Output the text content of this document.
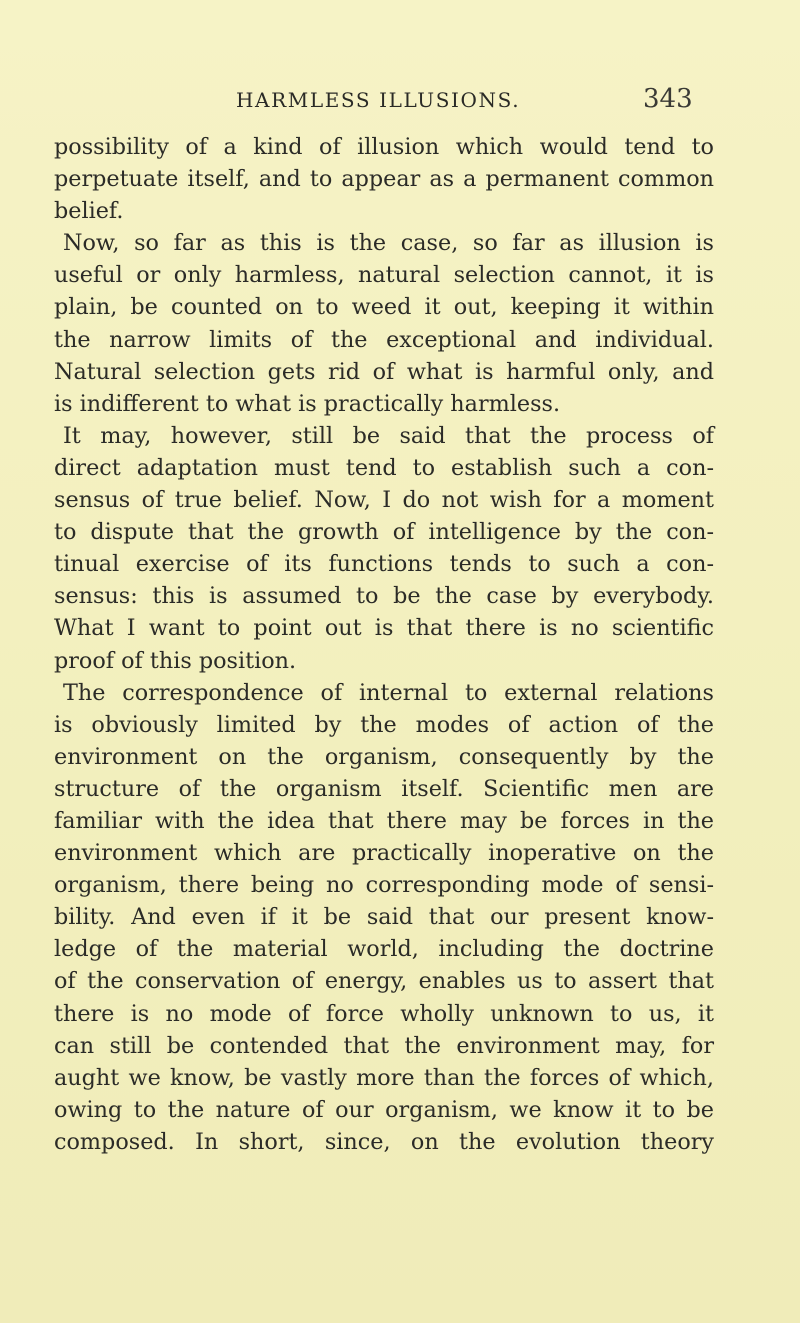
HARMLESS ILLUSIONS.	343
possibility of a kind of illusion which would tend to
perpetuate itself, and to appear as a permanent common
belief.
Now, so far as this is the case, so far as illusion is
useful or only harmless, natural selection cannot, it is
plain, be counted on to weed it out, keeping it within
the narrow limits of the exceptional and individual.
Natural selection gets rid of what is harmful only, and
is indifferent to what is practically harmless.
It may, however, still be said that the process of
direct adaptation must tend to establish such a con-
sensus of true belief. Now, I do not wish for a moment
to dispute that the growth of intelligence by the con-
tinual exercise of its functions tends to such a con-
sensus: this is assumed to be the case by everybody.
What I want to point out is that there is no scientific
proof of this position.
The correspondence of internal to external relations
is obviously limited by the modes of action of the
environment on the organism, consequently by the
structure of the organism itself. Scientific men are
familiar with the idea that there may be forces in the
environment which are practically inoperative on the
organism, there being no corresponding mode of sensi-
bility. And even if it be said that our present know-
ledge of the material world, including the doctrine
of the conservation of energy, enables us to assert that
there is no mode of force wholly unknown to us, it
can still be contended that the environment may, for
aught we know, be vastly more than the forces of which,
owing to the nature of our organism, we know it to be
composed. In short, since, on the evolution theory
